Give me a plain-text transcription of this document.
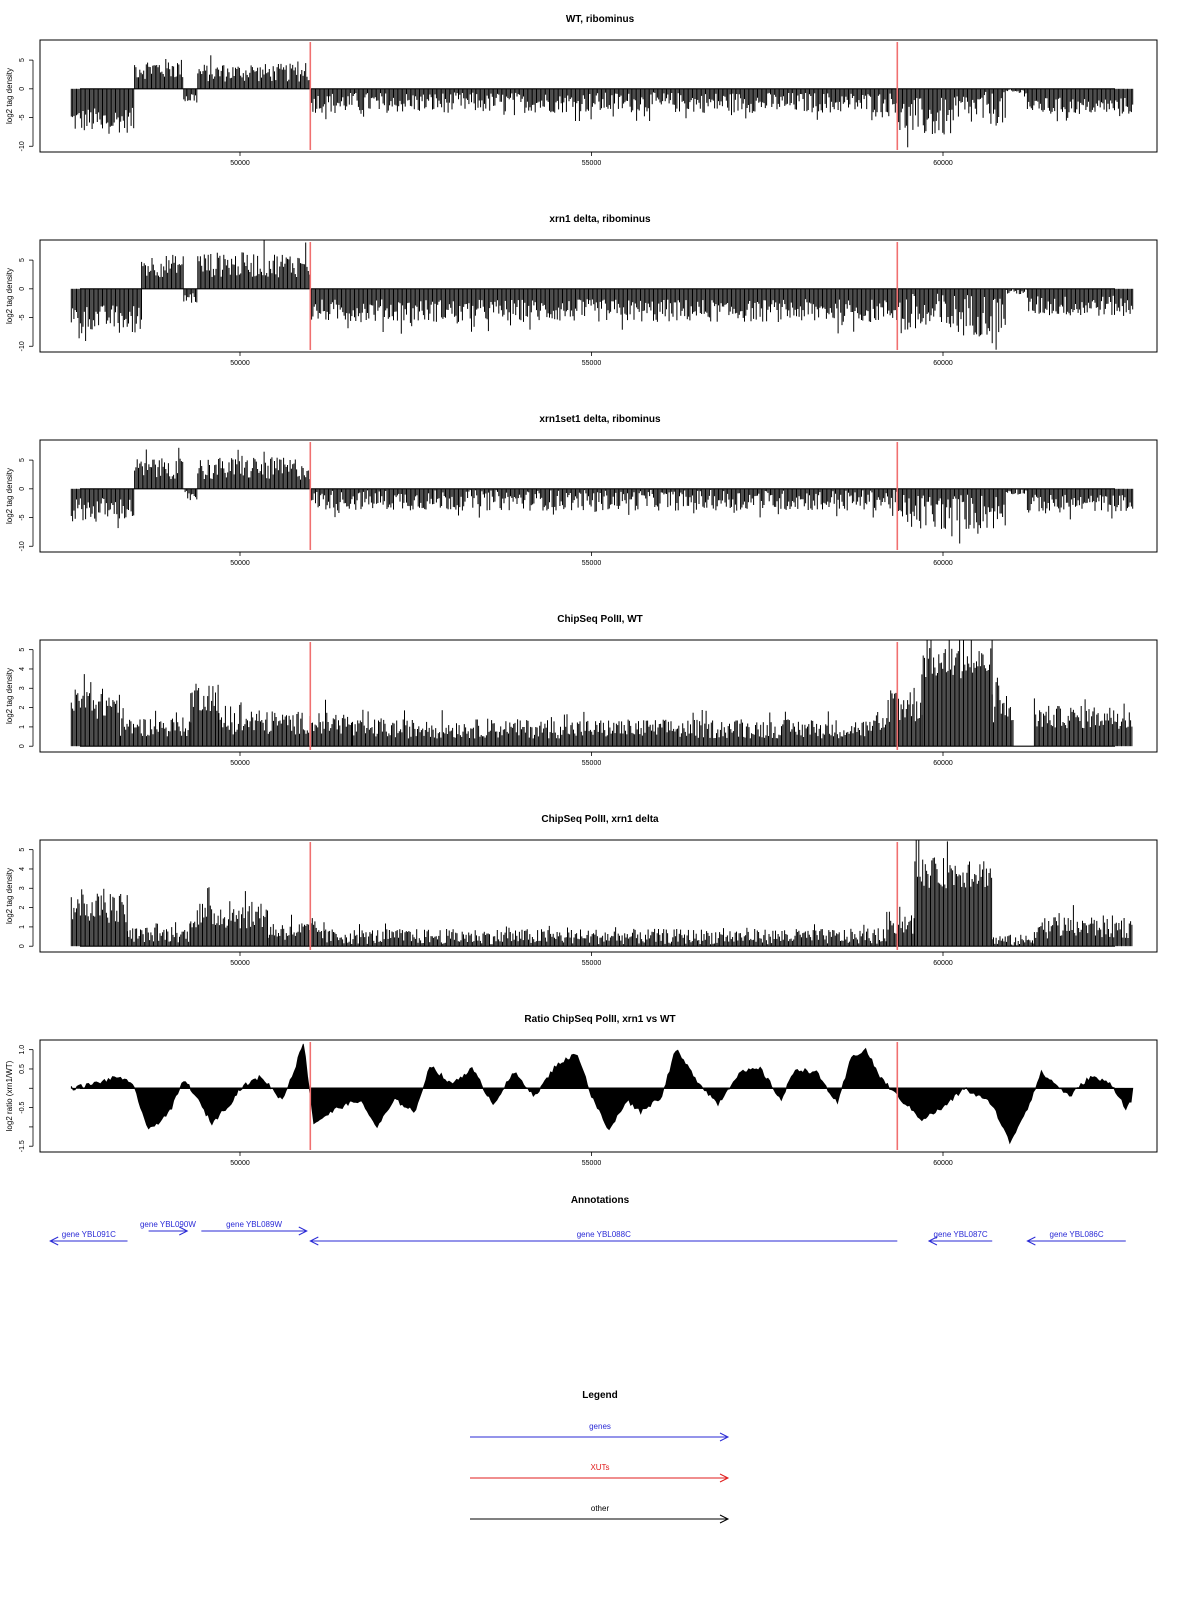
WT, ribominus
-10
-5
0
5
log2 tag density
50000	55000	60000
xrn1 delta, ribominus
-10
-5
0
5
log2 tag density
50000	55000	60000
xrn1set1 delta, ribominus
-10
-5
0
5
log2 tag density
50000	55000	60000
ChipSeq PolII, WT
0
1
2
3
4
5
log2 tag density
50000	55000	60000
ChipSeq PolII, xrn1 delta
0
1
2
3
4
5
log2 tag density
50000	55000	60000
Ratio ChipSeq PolII, xrn1 vs WT
-1.5
-0.5
0.5
1.0
log2 ratio (xrn1/WT)
50000	55000	60000
Annotations
gene YBL091C
gene YBL090W	gene YBL089W
gene YBL088C	gene YBL087C	gene YBL086C
Legend
genes
XUTs
other
